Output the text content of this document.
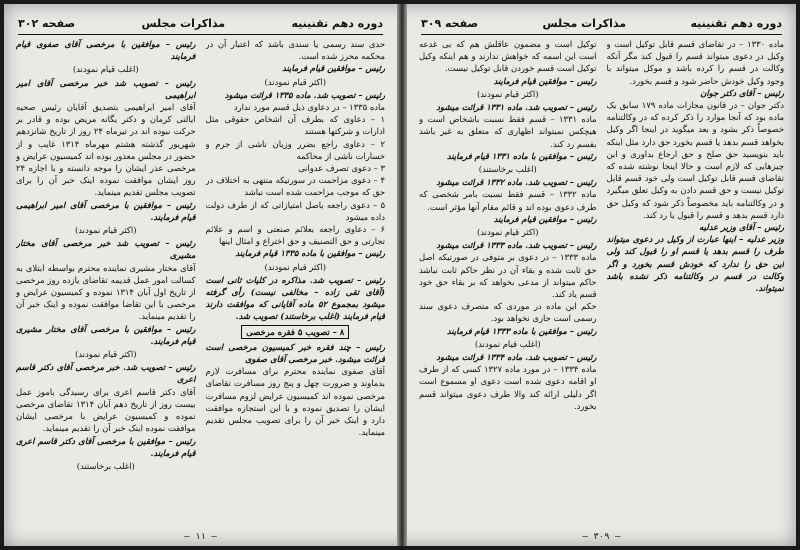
دوره دهم تقنینیه
مذاکرات مجلس
صفحه ۳۰۲

حدی سند رسمی یا سندی باشد که اعتبار آن در محکمه محرز شده است.

رئیس – موافقین قیام فرمایند

(اکثر قیام نمودند)

رئیس – تصویب شد. ماده ۱۳۳۵ قرائت میشود

ماده ۱۳۳۵ – در دعاوی ذیل قسم مورد ندارد

۱ – دعاوی که بطرف آن اشخاص حقوقی مثل ادارات و شرکتها هستند

۲ – دعاوی راجع بضرر وزیان ناشی از جرم و خسارات ناشی از محاکمه

۳ – دعوی تصرف عدوانی

۴ – دعوی مزاحمت در سورتیکه منتهی به اختلاف در حق که موجب مزاحمت شده است نباشد

۵ – دعوی راجعه باصل امتیازاتی که از طرف دولت داده میشود

۶ – دعاوی راجعه بعلائم صنعتی و اسم و علائم تجارتی و حق التصنیف و حق اختراع و امثال اینها

رئیس – موافقین با ماده ۱۳۳۵ قیام فرمایند

(اکثر قیام نمودند)

رئیس – تصویب شد. مذاکره در کلیات ثانی است (آقای تقی زاده – مخالفی نیست) رأی گرفته میشود بمجموع ۵۲ ماده آقایانی که موافقت دارند قیام فرمایند (اغلب برخاستند) تصویب شد.

۸ – تصویب ۵ فقره مرخصی

رئیس – چند فقره خبر کمیسیون مرخصی است قرائت میشود. خبر مرخصی آقای صفوی

آقای صفوی نماینده محترم برای مسافرت لازم بدماوند و ضرورت چهل و پنج روز مسافرت تقاضای مرخصی نموده اند کمیسیون عرایض لزوم مسافرت ایشان را تصدیق نموده و با این استجازه موافقت دارد و اینک خبر آن را برای تصویب مجلس تقدیم مینماید.

رئیس – موافقین با مرخصی آقای صفوی قیام فرمایند

(اغلب قیام نمودند)

رئیس – تصویب شد خبر مرخصی آقای امیر ابراهیمی

آقای امیر ابراهیمی بتصدیق آقایان رئیس صحیه ایالتی کرمان و دکتر یگانه مریض بوده و قادر بر حرکت نبوده اند در تیرماه ۲۴ روز از تاریخ شانزدهم شهریور گذشته هشتم مهرماه ۱۳۱۴ غایب و از حضور در مجلس معذور بوده اند کمیسیون عرایض و مرخصی عذر ایشان را موجه دانسته و با اجازه ۲۴ روز ایشان موافقت نموده اینک خبر آن را برای تصویب مجلس تقدیم مینماید.

رئیس – موافقین با مرخصی آقای امیر ابراهیمی قیام فرمایند.

(اکثر قیام نمودند)

رئیس – تصویب شد خبر مرخصی آقای مختار مشیری

آقای مختار مشیری نماینده محترم بواسطه ابتلای به کسالت امور عمل قدیمه تقاضای یازده روز مرخصی از تاریخ اول آبان ۱۳۱۴ نموده و کمیسیون عرایض و مرخصی با این تقاضا موافقت نموده و اینک خبر آن را تقدیم مینماید.

رئیس – موافقین با مرخصی آقای مختار مشیری قیام فرمایند.

(اکثر قیام نمودند)

رئیس – تصویب شد. خبر مرخصی آقای دکتر قاسم اعری

آقای دکتر قاسم اعری برای رسیدگی باموز عمل بیست روز از تاریخ دهم آبان ۱۳۱۴ تقاضای مرخصی نموده و کمیسیون عرایض با مرخصی ایشان موافقت نموده اینک خبر آن را تقدیم مینماید.

رئیس – موافقین با مرخصی آقای دکتر قاسم اعری قیام فرمایند.

(اغلب برخاستند)

– ۱۱ –
دوره دهم تقنینیه
مذاکرات مجلس
صفحه ۳۰۹

ماده ۱۳۳۰ – در تقاضای قسم قابل توکیل است و وکیل در دعوی میتواند قسم را قبول کند مگر آنکه وکالت در قسم را کرده باشد و موکل میتواند با وجود وکیل خودش حاضر شود و قسم بخورد.

رئیس – آقای دکتر جوان

دکتر جوان – در قانون مجازات ماده ۱۷۹ سابق یک ماده بود که آنجا موارد را ذکر کرده که در وکالتنامه خصوصاً ذکر بشود و بعد میگوید در اینجا اگر وکیل بخواهد قسم بدهد یا قسم بخورد حق دارد مثل اینکه باید بنویسید حق صلح و حق ارجاع بداوری و این چیزهایی که لازم است و حالا اینجا نوشته شده که تقاضای قسم قابل توکیل است ولی خود قسم قابل توکیل نیست و حق قسم دادن به وکیل تعلق میگیرد و در وکالتنامه باید مخصوصاً ذکر شود که وکیل حق دارد قسم بدهد و قسم را قبول یا رد کند.

رئیس – آقای وزیر عدلیه

وزیر عدلیه – اینها عبارت از وکیل در دعوی میتواند طرف را قسم بدهد یا قسم او را قبول کند ولی این حق را ندارد که خودش قسم بخورد و اگر وکالت در قسم در وکالتنامه ذکر نشده باشد نمیتواند.

توکیل است و مضمون عاقلش هم که بی غدعه است این اسمه که خواهش ندارند و هم اینکه وکیل توکیل است قسم خوردن قابل توکیل نیست.

رئیس – موافقین قیام فرمایند

(اکثر قیام نمودند)

رئیس – تصویب شد. ماده ۱۳۳۱ قرائت میشود

ماده ۱۳۳۱ – قسم فقط نسبت باشخاص است و هیچکس نمیتواند اظهاری که متعلق به غیر باشد بقسم رد کند.

رئیس – موافقین با ماده ۱۳۳۱ قیام فرمایند

(اغلب برخاستند)

رئیس – تصویب شد. ماده ۱۳۳۲ قرائت میشود

ماده ۱۳۳۲ – قسم فقط نسبت بامر شخصی که طرف دعوی بوده اند و قائم مقام آنها مؤثر است.

رئیس – موافقین قیام فرمایند

(اکثر قیام نمودند)

رئیس – تصویب شد. ماده ۱۳۳۳ قرائت میشود

ماده ۱۳۳۳ – در دعوی بر متوفی در صورتیکه اصل حق ثابت شده و بقاء آن در نظر حاکم ثابت نباشد حاکم میتواند از مدعی بخواهد که بر بقاء حق خود قسم یاد کند.

حکم این ماده در موردی که متصرف دعوی سند رسمی است جاری نخواهد بود.

رئیس – موافقین با ماده ۱۳۳۳ قیام فرمایند

(اغلب قیام نمودند)

رئیس – تصویب شد. ماده ۱۳۳۴ قرائت میشود

ماده ۱۳۳۴ – در مورد ماده ۱۳۲۷ کسی که از طرف او اقامه دعوی شده است دعوی او مسموع است اگر دلیلی ارائه کند والا طرف دعوی میتواند قسم بخورد.

– ۳۰۹ –
